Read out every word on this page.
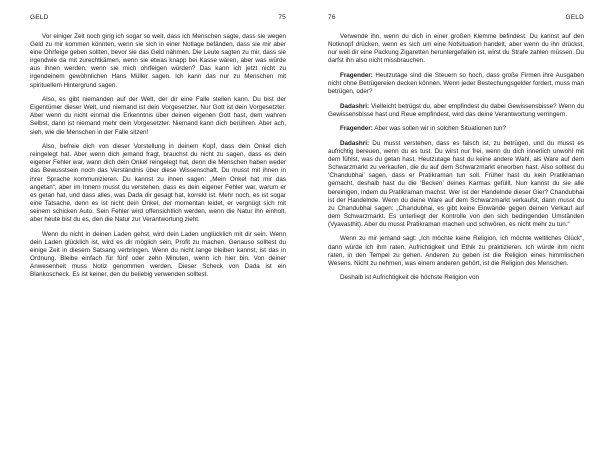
GELD	75

Vor einiger Zeit noch ging ich sogar so weit, dass ich Menschen sagte, dass sie wegen Geld zu mir kommen könnten, wenn sie sich in einer Notlage befänden, dass sie mir aber eine Ohrfeige geben sollten, bevor sie das Geld nähmen. Die Leute sagten zu mir, dass sie irgendwie da mit zurechtkämen, wenn sie etwas knapp bei Kasse wären, aber was würde aus ihnen werden, wenn sie mich ohrfeigen würden? Das kann ich jetzt nicht zu irgendeinem gewöhnlichen Hans Müller sagen. Ich kann das nur zu Menschen mit spirituellem Hintergrund sagen.

Also, es gibt niemanden auf der Welt, der dir eine Falle stellen kann. Du bist der Eigentümer dieser Welt, und niemand ist dein Vorgesetzter. Nur Gott ist dein Vorgesetzter. Aber wenn du nicht einmal die Erkenntnis über deinen eigenen Gott hast, dem wahren Selbst, dann ist niemand mehr dein Vorgesetzter. Niemand kann dich berühren. Aber ach, sieh, wie die Menschen in der Falle sitzen!

Also, befreie dich von dieser Vorstellung in deinem Kopf, dass dein Onkel dich reingelegt hat. Aber wenn dich jemand fragt, brauchst du nicht zu sagen, dass es dein eigener Fehler war, wann dich dein Onkel reingelegt hat, denn die Menschen haben weder das Bewusstsein noch das Verständnis über diese Wissenschaft. Du musst mit ihnen in ihrer Sprache kommunizieren. Du kannst zu ihnen sagen: „Mein Onkel hat mir das angetan“, aber im Innern musst du verstehen, dass es dein eigener Fehler war, warum er es getan hat, und dass alles, was Dada dir gesagt hat, korrekt ist. Mehr noch, es ist sogar eine Tatsache, denn es ist nicht dein Onkel, der momentan leidet, er vergnügt sich mit seinem schicken Auto. Sein Fehler wird offensichtlich werden, wenn die Natur ihn einholt, aber heute bist du es, den die Natur zur Verantwortung zieht.

Wenn du nicht in deinen Laden gehst, wird dein Laden unglücklich mit dir sein. Wenn dein Laden glücklich ist, wird es dir möglich sein, Profit zu machen. Genauso solltest du einige Zeit in diesem Satsang verbringen. Wenn du nicht lange bleiben kannst, ist das in Ordnung. Bleibe einfach für fünf oder zehn Minuten, wenn ich hier bin. Von deiner Anwesenheit muss Notiz genommen werden. Dieser Scheck von Dada ist ein Blankoscheck. Es ist keiner, den du beliebig verwenden solltest.

76	GELD

Verwende ihn, wenn du dich in einer großen Klemme befindest. Du kannst auf den Notknopf drücken, wenn es sich um eine Notsituation handelt, aber wenn du ihn drückst, nur weil dir eine Packung Zigaretten heruntergefallen ist, wirst du Strafe zahlen müssen. Du darfst ihn also nicht missbrauchen.

Fragender: Heutzutage sind die Steuern so hoch, dass große Firmen ihre Ausgaben nicht ohne Betrügereien decken können. Wenn jeder Bestechungsgelder fordert, muss man betrügen, oder?

Dadashri: Vielleicht betrügst du, aber empfindest du dabei Gewissensbisse? Wenn du Gewissensbisse hast und Reue empfindest, wird das deine Verantwortung verringern.

Fragender: Aber was sollen wir in solchen Situationen tun?

Dadashri: Du musst verstehen, dass es falsch ist, zu betrügen, und du musst es aufrichtig bereuen, wenn du es tust. Du wirst nur frei, wenn du dich innerlich unwohl mit dem fühlst, was du getan hast. Heutzutage hast du keine andere Wahl, als Ware auf dem Schwarzmarkt zu verkaufen, die du auf dem Schwarzmarkt erworben hast. Also solltest du ‘Chandubhai’ sagen, dass er Pratikraman tun soll. Früher hast du kein Pratikraman gemacht, deshalb hast du die ‘Becken’ deines Karmas gefüllt. Nun kannst du sie alle bereinigen, indem du Pratikraman machst. Wer ist der Handelnde dieser Gier? Chandubhai ist der Handelnde. Wenn du deine Ware auf dem Schwarzmarkt verkaufst, dann musst du zu Chandubhai sagen: „Chandubhai, es gibt keine Einwände gegen deinen Verkauf auf dem Schwarzmarkt. Es unterliegt der Kontrolle von den sich bedingenden Umständen (Vyavasthit). Aber du musst Pratikraman machen und schwören, es nicht mehr zu tun.“

Wenn zu mir jemand sagt: „Ich möchte keine Religion, ich möchte weltliches Glück“, dann würde ich ihm raten, Aufrichtigkeit und Ethik zu praktizieren. Ich würde ihm nicht raten, in den Tempel zu gehen. Anderen zu geben ist die Religion eines himmlischen Wesens. Nicht zu nehmen, was einem anderen gehört, ist die Religion des Menschen.

Deshalb ist Aufrichtigkeit die höchste Religion von
